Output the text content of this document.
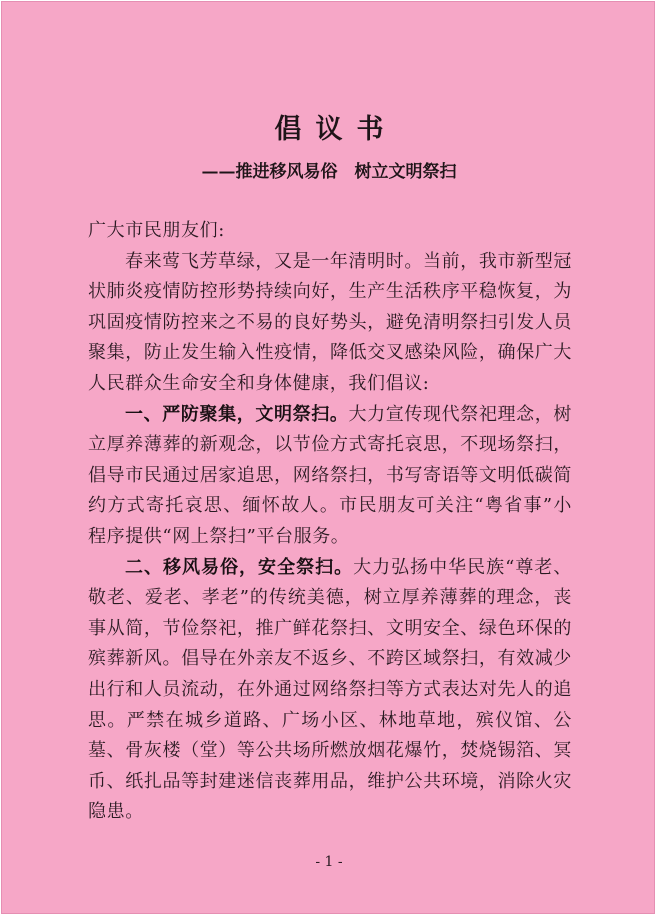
倡议书
——推进移风易俗　树立文明祭扫

广大市民朋友们:

春来莺飞芳草绿，又是一年清明时。当前，我市新型冠状肺炎疫情防控形势持续向好，生产生活秩序平稳恢复，为巩固疫情防控来之不易的良好势头，避免清明祭扫引发人员聚集，防止发生输入性疫情，降低交叉感染风险，确保广大人民群众生命安全和身体健康，我们倡议:

一、严防聚集，文明祭扫。大力宣传现代祭祀理念，树立厚养薄葬的新观念，以节俭方式寄托哀思，不现场祭扫，倡导市民通过居家追思，网络祭扫，书写寄语等文明低碳简约方式寄托哀思、缅怀故人。市民朋友可关注“粤省事”小程序提供“网上祭扫”平台服务。

二、移风易俗，安全祭扫。大力弘扬中华民族“尊老、敬老、爱老、孝老”的传统美德，树立厚养薄葬的理念，丧事从简，节俭祭祀，推广鲜花祭扫、文明安全、绿色环保的殡葬新风。倡导在外亲友不返乡、不跨区域祭扫，有效减少出行和人员流动，在外通过网络祭扫等方式表达对先人的追思。严禁在城乡道路、广场小区、林地草地，殡仪馆、公墓、骨灰楼（堂）等公共场所燃放烟花爆竹，焚烧锡箔、冥币、纸扎品等封建迷信丧葬用品，维护公共环境，消除火灾隐患。

- 1 -
